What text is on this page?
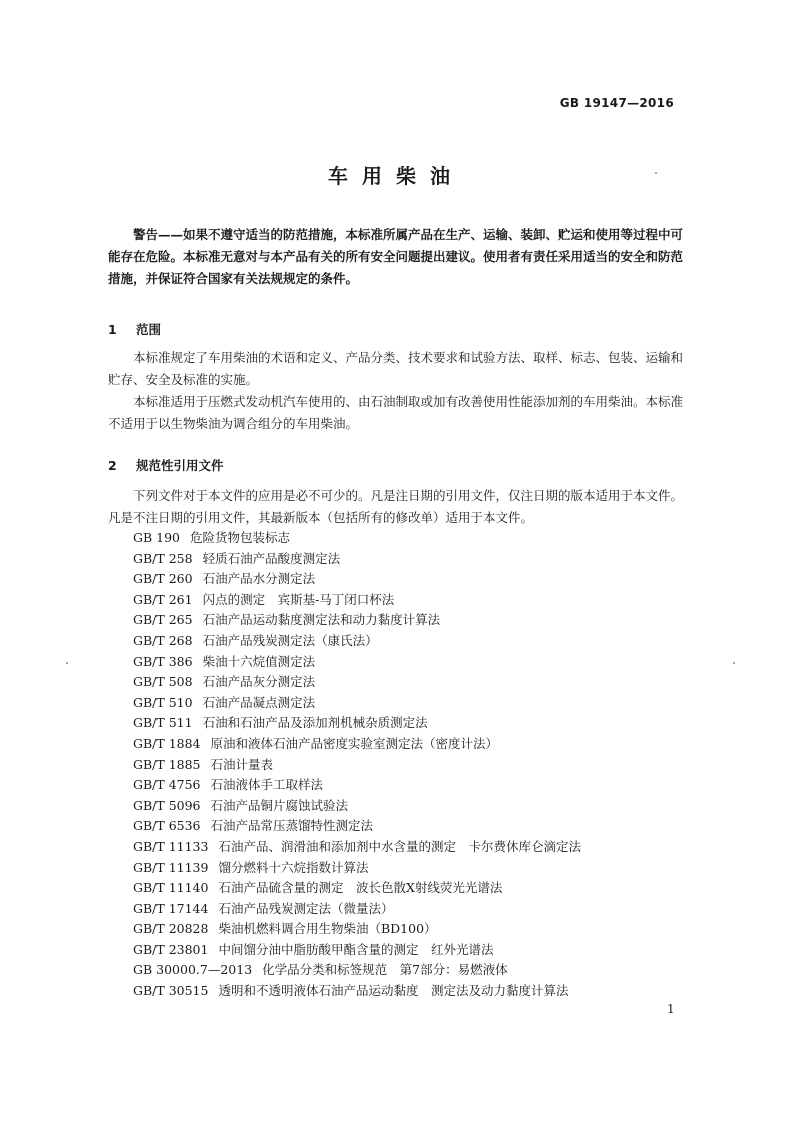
GB 19147—2016
车用柴油

警告——如果不遵守适当的防范措施，本标准所属产品在生产、运输、装卸、贮运和使用等过程中可能存在危险。本标准无意对与本产品有关的所有安全问题提出建议。使用者有责任采用适当的安全和防范措施，并保证符合国家有关法规规定的条件。

1 范围

本标准规定了车用柴油的术语和定义、产品分类、技术要求和试验方法、取样、标志、包装、运输和贮存、安全及标准的实施。

本标准适用于压燃式发动机汽车使用的、由石油制取或加有改善使用性能添加剂的车用柴油。本标准不适用于以生物柴油为调合组分的车用柴油。

2 规范性引用文件

下列文件对于本文件的应用是必不可少的。凡是注日期的引用文件，仅注日期的版本适用于本文件。凡是不注日期的引用文件，其最新版本（包括所有的修改单）适用于本文件。

GB 190 危险货物包装标志
GB/T 258 轻质石油产品酸度测定法
GB/T 260 石油产品水分测定法
GB/T 261 闪点的测定　宾斯基-马丁闭口杯法
GB/T 265 石油产品运动黏度测定法和动力黏度计算法
GB/T 268 石油产品残炭测定法（康氏法）
GB/T 386 柴油十六烷值测定法
GB/T 508 石油产品灰分测定法
GB/T 510 石油产品凝点测定法
GB/T 511 石油和石油产品及添加剂机械杂质测定法
GB/T 1884 原油和液体石油产品密度实验室测定法（密度计法）
GB/T 1885 石油计量表
GB/T 4756 石油液体手工取样法
GB/T 5096 石油产品铜片腐蚀试验法
GB/T 6536 石油产品常压蒸馏特性测定法
GB/T 11133 石油产品、润滑油和添加剂中水含量的测定　卡尔费休库仑滴定法
GB/T 11139 馏分燃料十六烷指数计算法
GB/T 11140 石油产品硫含量的测定　波长色散X射线荧光光谱法
GB/T 17144 石油产品残炭测定法（微量法）
GB/T 20828 柴油机燃料调合用生物柴油（BD100）
GB/T 23801 中间馏分油中脂肪酸甲酯含量的测定　红外光谱法
GB 30000.7—2013 化学品分类和标签规范　第7部分：易燃液体
GB/T 30515 透明和不透明液体石油产品运动黏度　测定法及动力黏度计算法
1
